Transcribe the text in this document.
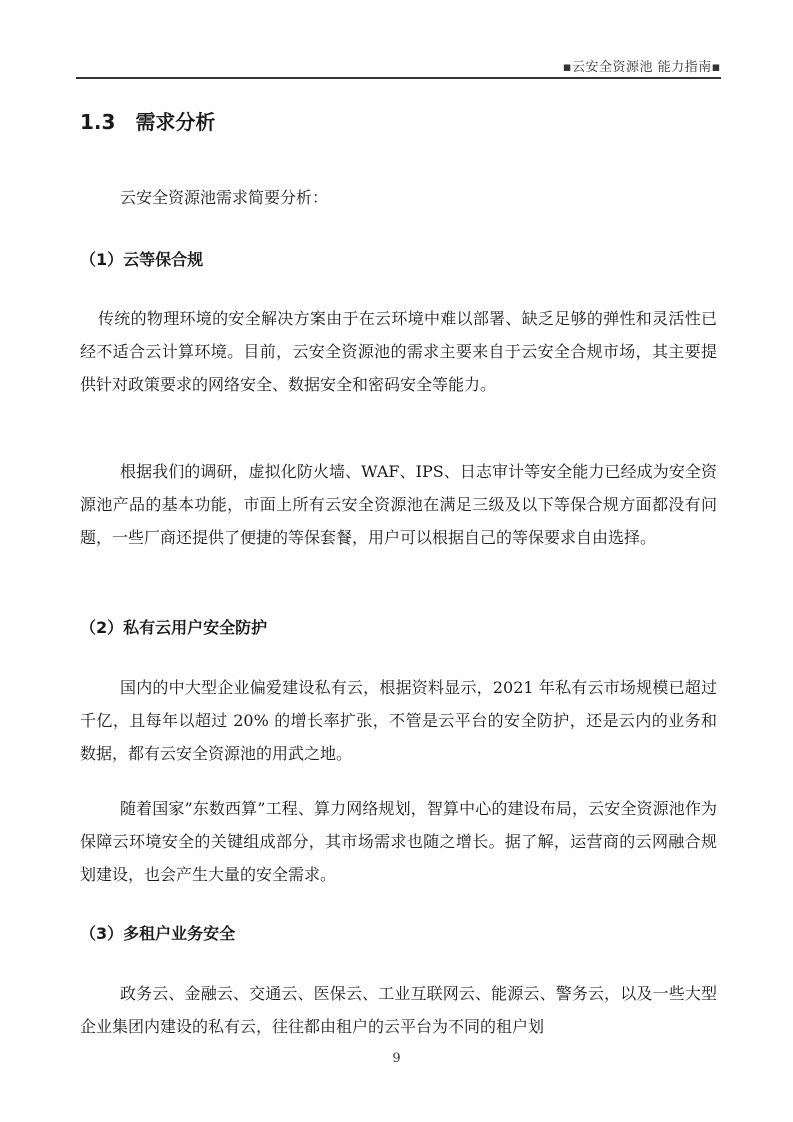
▪云安全资源池 能力指南▪
1.3 需求分析
云安全资源池需求简要分析：
（1）云等保合规
传统的物理环境的安全解决方案由于在云环境中难以部署、缺乏足够的弹性和灵活性已经不适合云计算环境。目前，云安全资源池的需求主要来自于云安全合规市场，其主要提供针对政策要求的网络安全、数据安全和密码安全等能力。
根据我们的调研，虚拟化防火墙、WAF、IPS、日志审计等安全能力已经成为安全资源池产品的基本功能，市面上所有云安全资源池在满足三级及以下等保合规方面都没有问题，一些厂商还提供了便捷的等保套餐，用户可以根据自己的等保要求自由选择。
（2）私有云用户安全防护
国内的中大型企业偏爱建设私有云，根据资料显示，2021 年私有云市场规模已超过千亿，且每年以超过 20% 的增长率扩张，不管是云平台的安全防护，还是云内的业务和数据，都有云安全资源池的用武之地。
随着国家”东数西算”工程、算力网络规划，智算中心的建设布局，云安全资源池作为保障云环境安全的关键组成部分，其市场需求也随之增长。据了解，运营商的云网融合规划建设，也会产生大量的安全需求。
（3）多租户业务安全
政务云、金融云、交通云、医保云、工业互联网云、能源云、警务云，以及一些大型企业集团内建设的私有云，往往都由租户的云平台为不同的租户划
9
